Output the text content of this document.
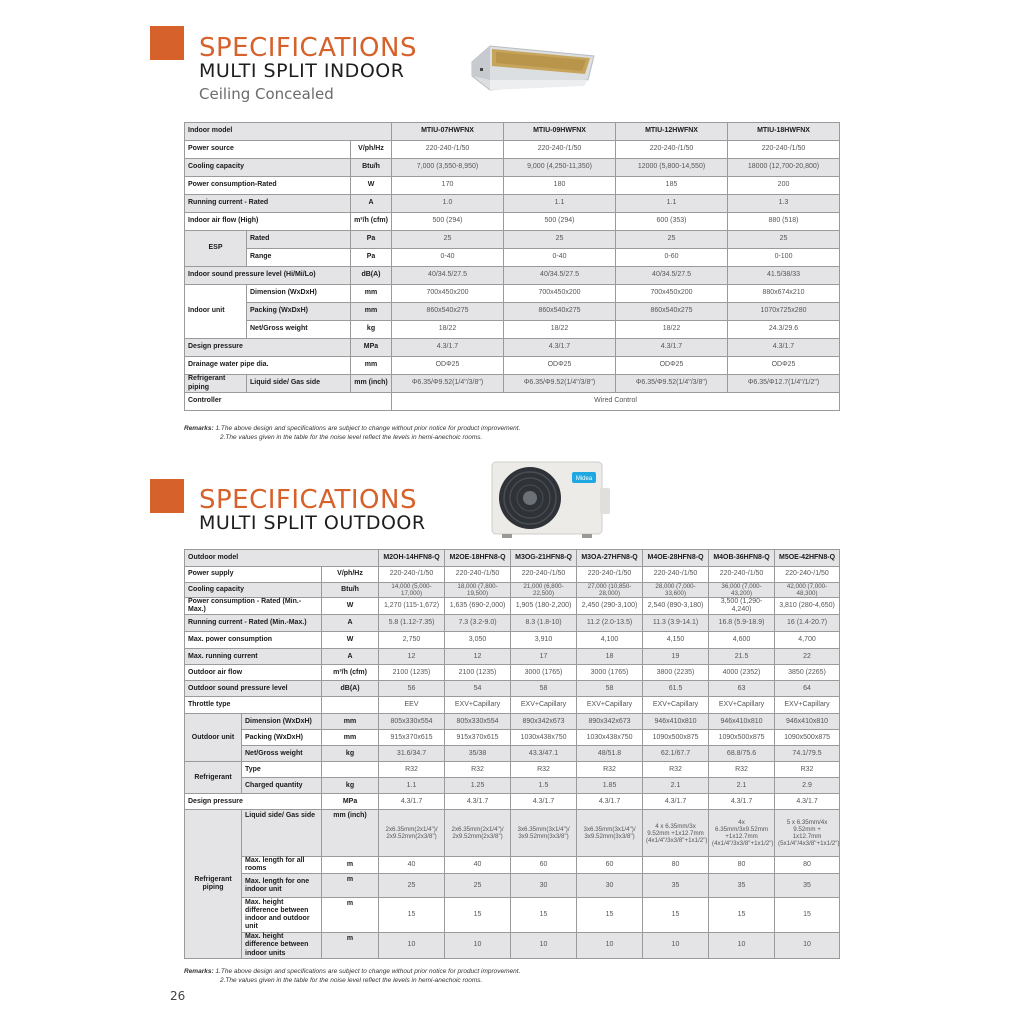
SPECIFICATIONS
MULTI SPLIT INDOOR
Ceiling Concealed
Indoor model			MTIU-07HWFNX	MTIU-09HWFNX	MTIU-12HWFNX	MTIU-18HWFNX
Power source		V/ph/Hz	220-240-/1/50	220-240-/1/50	220-240-/1/50	220-240-/1/50
Cooling capacity		Btu/h	7,000 (3,550-8,950)	9,000 (4,250-11,350)	12000 (5,800-14,550)	18000 (12,700-20,800)
Power consumption-Rated		W	170	180	185	200
Running current - Rated		A	1.0	1.1	1.1	1.3
Indoor air flow (High)		m³/h (cfm)	500 (294)	500 (294)	600 (353)	880 (518)
ESP	Rated	Pa	25	25	25	25
	Range	Pa	0-40	0-40	0-60	0-100
Indoor sound pressure level (Hi/Mi/Lo)		dB(A)	40/34.5/27.5	40/34.5/27.5	40/34.5/27.5	41.5/38/33
Indoor unit	Dimension (WxDxH)	mm	700x450x200	700x450x200	700x450x200	880x674x210
	Packing (WxDxH)	mm	860x540x275	860x540x275	860x540x275	1070x725x280
	Net/Gross weight	kg	18/22	18/22	18/22	24.3/29.6
Design pressure		MPa	4.3/1.7	4.3/1.7	4.3/1.7	4.3/1.7
Drainage water pipe dia.		mm	ODΦ25	ODΦ25	ODΦ25	ODΦ25
Refrigerant piping	Liquid side/ Gas side	mm (inch)	Φ6.35/Φ9.52(1/4"/3/8")	Φ6.35/Φ9.52(1/4"/3/8")	Φ6.35/Φ9.52(1/4"/3/8")	Φ6.35/Φ12.7(1/4"/1/2")
Controller			Wired Control			
Remarks: 1.The above design and specifications are subject to change without prior notice for product improvement.
2.The values given in the table for the noise level reflect the levels in hemi-anechoic rooms.
SPECIFICATIONS
MULTI SPLIT OUTDOOR
Midea
Outdoor model			M2OH-14HFN8-Q	M2OE-18HFN8-Q	M3OG-21HFN8-Q	M3OA-27HFN8-Q	M4OE-28HFN8-Q	M4OB-36HFN8-Q	M5OE-42HFN8-Q
Power supply		V/ph/Hz	220-240-/1/50	220-240-/1/50	220-240-/1/50	220-240-/1/50	220-240-/1/50	220-240-/1/50	220-240-/1/50
Cooling capacity		Btu/h	14,000 (5,000-17,000)	18,000 (7,800-19,500)	21,000 (6,800-22,500)	27,000 (10,850-28,000)	28,000 (7,000-33,600)	36,000 (7,000-43,200)	42,000 (7,000-48,300)
Power consumption - Rated (Min.-Max.)		W	1,270 (115-1,672)	1,635 (690-2,000)	1,905 (180-2,200)	2,450 (290-3,100)	2,540 (890-3,180)	3,500 (1,290-4,240)	3,810 (280-4,650)
Running current - Rated (Min.-Max.)		A	5.8 (1.12-7.35)	7.3 (3.2-9.0)	8.3 (1.8-10)	11.2 (2.0-13.5)	11.3 (3.9-14.1)	16.8 (5.9-18.9)	16 (1.4-20.7)
Max. power consumption		W	2,750	3,050	3,910	4,100	4,150	4,600	4,700
Max. running current		A	12	12	17	18	19	21.5	22
Outdoor air flow		m³/h (cfm)	2100 (1235)	2100 (1235)	3000 (1765)	3000 (1765)	3800 (2235)	4000 (2352)	3850 (2265)
Outdoor sound pressure level		dB(A)	56	54	58	58	61.5	63	64
Throttle type			EEV	EXV+Capillary	EXV+Capillary	EXV+Capillary	EXV+Capillary	EXV+Capillary	EXV+Capillary
Outdoor unit	Dimension (WxDxH)	mm	805x330x554	805x330x554	890x342x673	890x342x673	946x410x810	946x410x810	946x410x810
	Packing (WxDxH)	mm	915x370x615	915x370x615	1030x438x750	1030x438x750	1090x500x875	1090x500x875	1090x500x875
	Net/Gross weight	kg	31.6/34.7	35/38	43.3/47.1	48/51.8	62.1/67.7	68.8/75.6	74.1/79.5
Refrigerant	Type		R32	R32	R32	R32	R32	R32	R32
	Charged quantity	kg	1.1	1.25	1.5	1.85	2.1	2.1	2.9
Design pressure		MPa	4.3/1.7	4.3/1.7	4.3/1.7	4.3/1.7	4.3/1.7	4.3/1.7	4.3/1.7
Refrigerant piping	Liquid side/ Gas side	mm (inch)	2x6.35mm(2x1/4")/ 2x9.52mm(2x3/8")	2x6.35mm(2x1/4")/ 2x9.52mm(2x3/8")	3x6.35mm(3x1/4")/ 3x9.52mm(3x3/8")	3x6.35mm(3x1/4")/ 3x9.52mm(3x3/8")	4 x 6.35mm/3x 9.52mm +1x12.7mm (4x1/4"/3x3/8"+1x1/2")	4x 6.35mm/3x9.52mm +1x12.7mm (4x1/4"/3x3/8"+1x1/2")	5 x 6.35mm/4x 9.52mm + 1x12.7mm (5x1/4"/4x3/8"+1x1/2")
	Max. length for all rooms	m	40	40	60	60	80	80	80
	Max. length for one indoor unit	m	25	25	30	30	35	35	35
	Max. height difference between indoor and outdoor unit	m	15	15	15	15	15	15	15
	Max. height difference between indoor units	m	10	10	10	10	10	10	10
Remarks: 1.The above design and specifications are subject to change without prior notice for product improvement.
2.The values given in the table for the noise level reflect the levels in hemi-anechoic rooms.
26
